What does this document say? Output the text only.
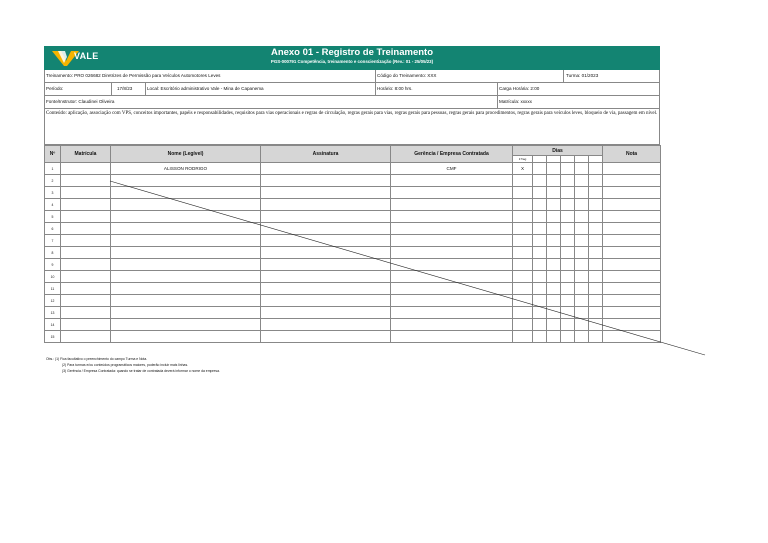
VALE	Anexo 01 - Registro de Treinamento
PGS-000791 Competência, treinamento e conscientização (Rev.: 01 - 25/05/23)
Treinamento: PRO 026682 Diretrizes de Permissão para Veículos Automotores Leves	Código do Treinamento: XXX	Turma: 01/2023
Período:	17/8/23	Local: Escritório administrativo Vale - Mina de Capanema	Horário: 8:00 hrs.	Carga Horária: 2:00
Fonte/Instrutor: Claudinei Oliveira	Matrícula: xxxxx
Conteúdo: aplicação, associação com VPS, conceitos importantes, papéis e responsabilidades, requisitos para vias operacionais e regras de circulação, regras gerais para vias, regras gerais para pessoas, regras gerais para procedimentos, regras gerais para veículos leves, bloqueio de via, passagem em nível.
Nº	Matrícula	Nome (Legível)	Assinatura	Gerência / Empresa Contratada	Dias						Nota
					17/ag						
1		ALISSON RODRIGO		CMF	X						
2											
3											
4											
5											
6											
7											
8											
9											
10											
11											
12											
13											
14											
15											
Obs.: (1) Fica facultativo o preenchimento do campo Turma e Nota.
(2) Para turmas e/ou conteúdos programáticos maiores, poderão incluir mais linhas.
(3) Gerência / Empresa Contratada: quando se tratar de contratada deverá informar o nome da empresa.
